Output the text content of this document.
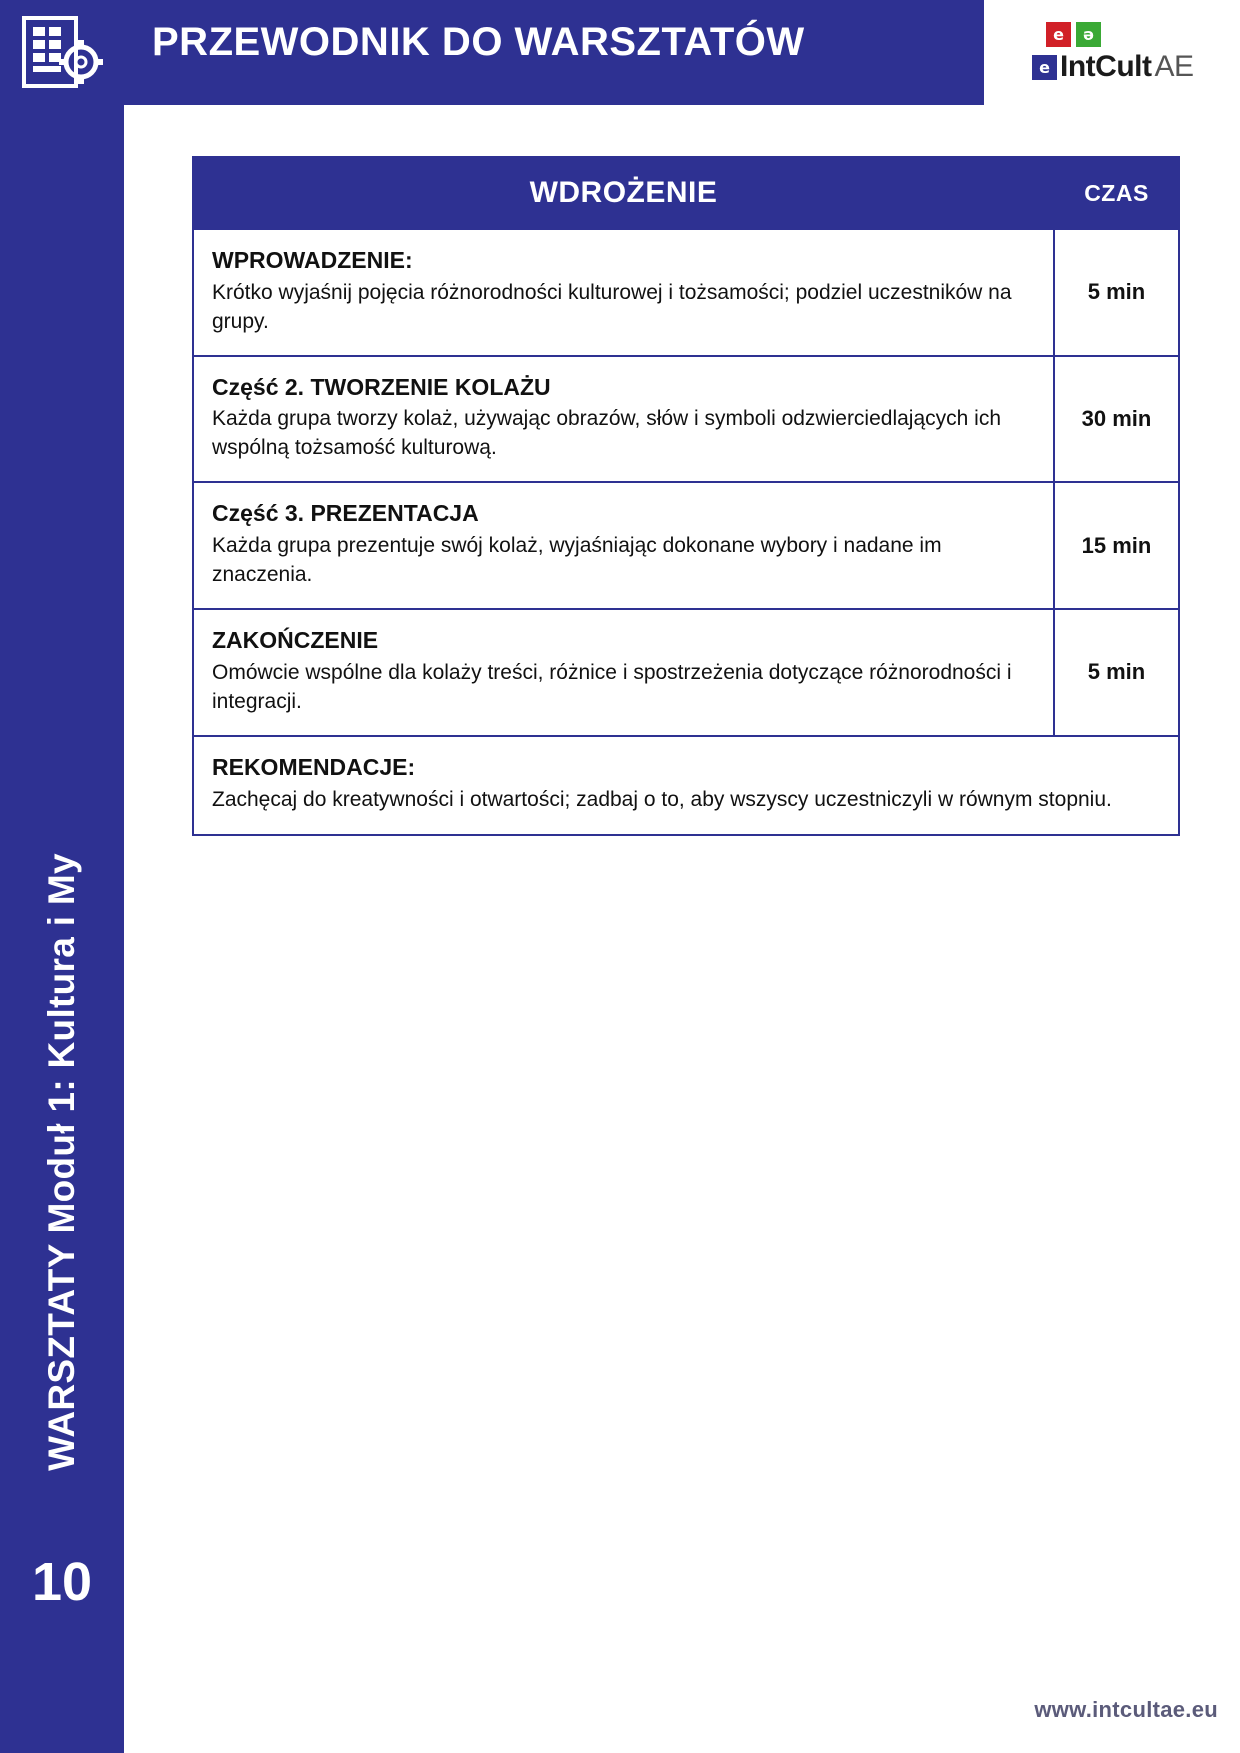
WARSZTATY Moduł 1: Kultura i My
10
PRZEWODNIK DO WARSZTATÓW	e	ə
e IntCult AE
WDROŻENIE	CZAS

WPROWADZENIE:
Krótko wyjaśnij pojęcia różnorodności kulturowej i tożsamości; podziel uczestników na grupy.	5 min

Część 2. TWORZENIE KOLAŻU
Każda grupa tworzy kolaż, używając obrazów, słów i symboli odzwierciedlających ich wspólną tożsamość kulturową.	30 min

Część 3. PREZENTACJA
Każda grupa prezentuje swój kolaż, wyjaśniając dokonane wybory i nadane im znaczenia.	15 min

ZAKOŃCZENIE
Omówcie wspólne dla kolaży treści, różnice i spostrzeżenia dotyczące różnorodności i integracji.	5 min

REKOMENDACJE:
Zachęcaj do kreatywności i otwartości; zadbaj o to, aby wszyscy uczestniczyli w równym stopniu.	
www.intcultae.eu
